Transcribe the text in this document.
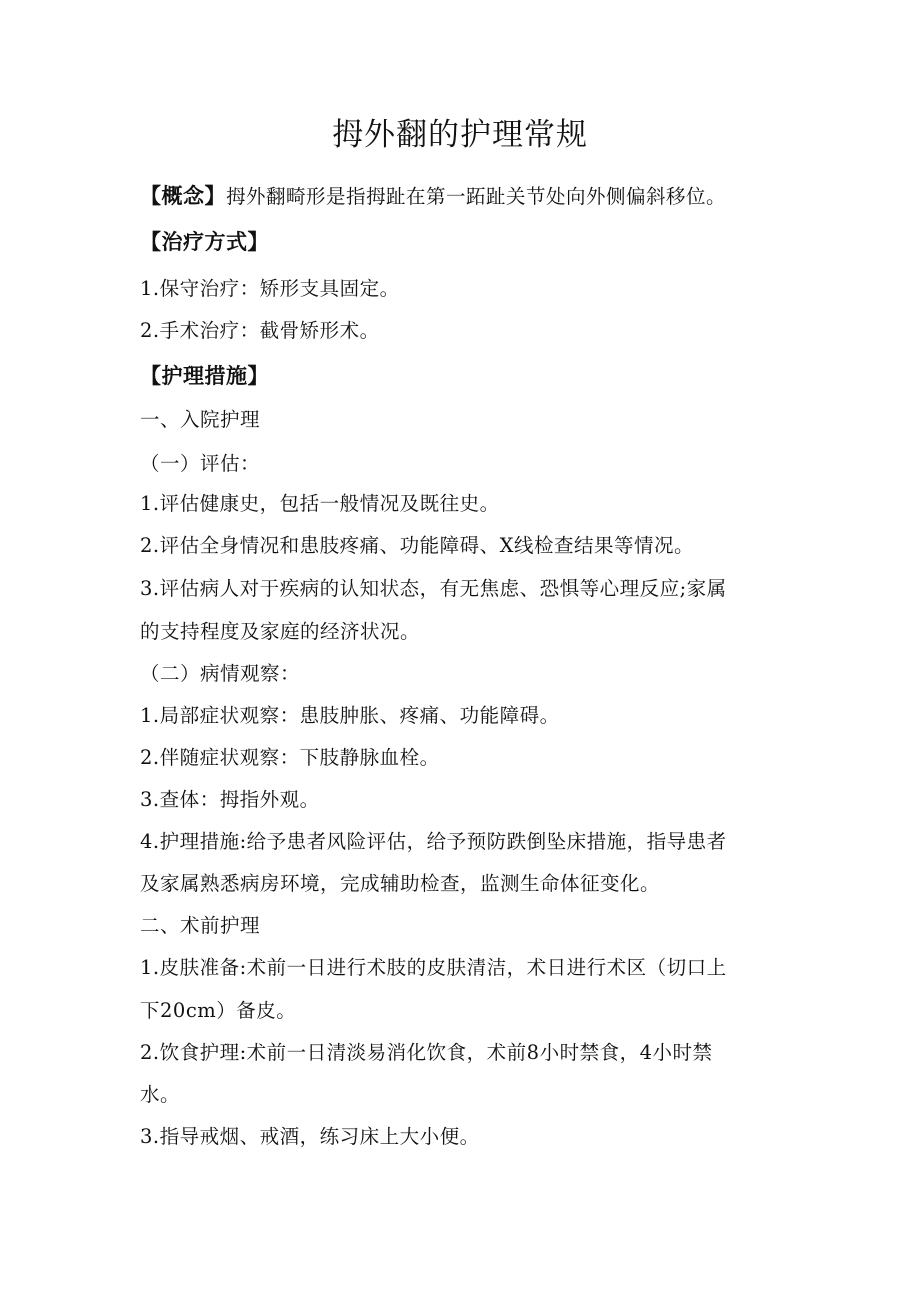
拇外翻的护理常规
【概念】拇外翻畸形是指拇趾在第一跖趾关节处向外侧偏斜移位。
【治疗方式】
1.保守治疗：矫形支具固定。
2.手术治疗：截骨矫形术。
【护理措施】
一、入院护理
（一）评估：
1.评估健康史，包括一般情况及既往史。
2.评估全身情况和患肢疼痛、功能障碍、X线检查结果等情况。
3.评估病人对于疾病的认知状态，有无焦虑、恐惧等心理反应;家属
的支持程度及家庭的经济状况。
（二）病情观察：
1.局部症状观察：患肢肿胀、疼痛、功能障碍。
2.伴随症状观察：下肢静脉血栓。
3.查体：拇指外观。
4.护理措施:给予患者风险评估，给予预防跌倒坠床措施，指导患者
及家属熟悉病房环境，完成辅助检查，监测生命体征变化。
二、术前护理
1.皮肤准备:术前一日进行术肢的皮肤清洁，术日进行术区（切口上
下20cm）备皮。
2.饮食护理:术前一日清淡易消化饮食，术前8小时禁食，4小时禁
水。
3.指导戒烟、戒酒，练习床上大小便。
